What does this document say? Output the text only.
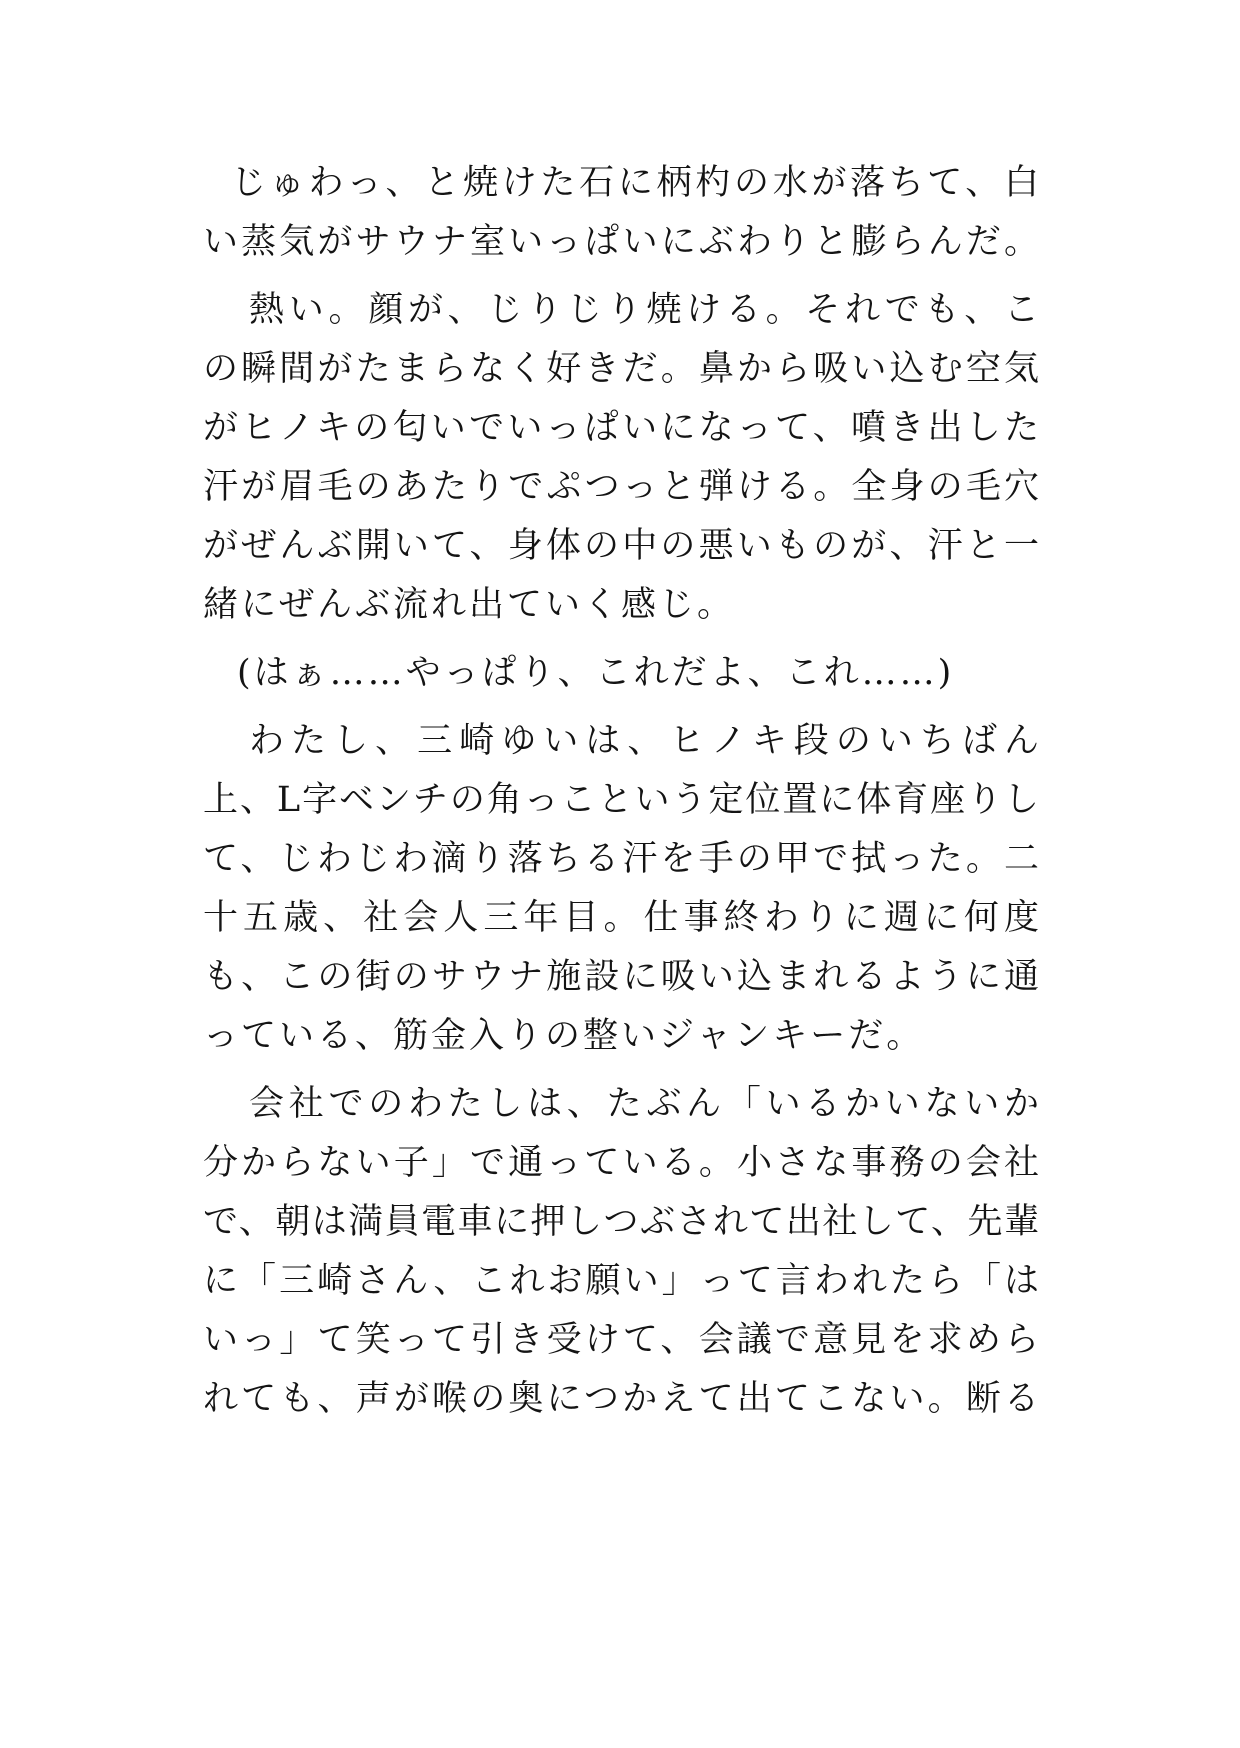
じゅわっ、と焼けた石に柄杓の水が落ちて、白
い蒸気がサウナ室いっぱいにぶわりと膨らんだ。
熱い。顔が、じりじり焼ける。それでも、こ
の瞬間がたまらなく好きだ。鼻から吸い込む空気
がヒノキの匂いでいっぱいになって、噴き出した
汗が眉毛のあたりでぷつっと弾ける。全身の毛穴
がぜんぶ開いて、身体の中の悪いものが、汗と一
緒にぜんぶ流れ出ていく感じ。
(はぁ……やっぱり、これだよ、これ……)
わたし、三崎ゆいは、ヒノキ段のいちばん
上、L字ベンチの角っこという定位置に体育座りし
て、じわじわ滴り落ちる汗を手の甲で拭った。二
十五歳、社会人三年目。仕事終わりに週に何度
も、この街のサウナ施設に吸い込まれるように通
っている、筋金入りの整いジャンキーだ。
会社でのわたしは、たぶん「いるかいないか
分からない子」で通っている。小さな事務の会社
で、朝は満員電車に押しつぶされて出社して、先輩
に「三崎さん、これお願い」って言われたら「は
いっ」て笑って引き受けて、会議で意見を求めら
れても、声が喉の奥につかえて出てこない。断る
